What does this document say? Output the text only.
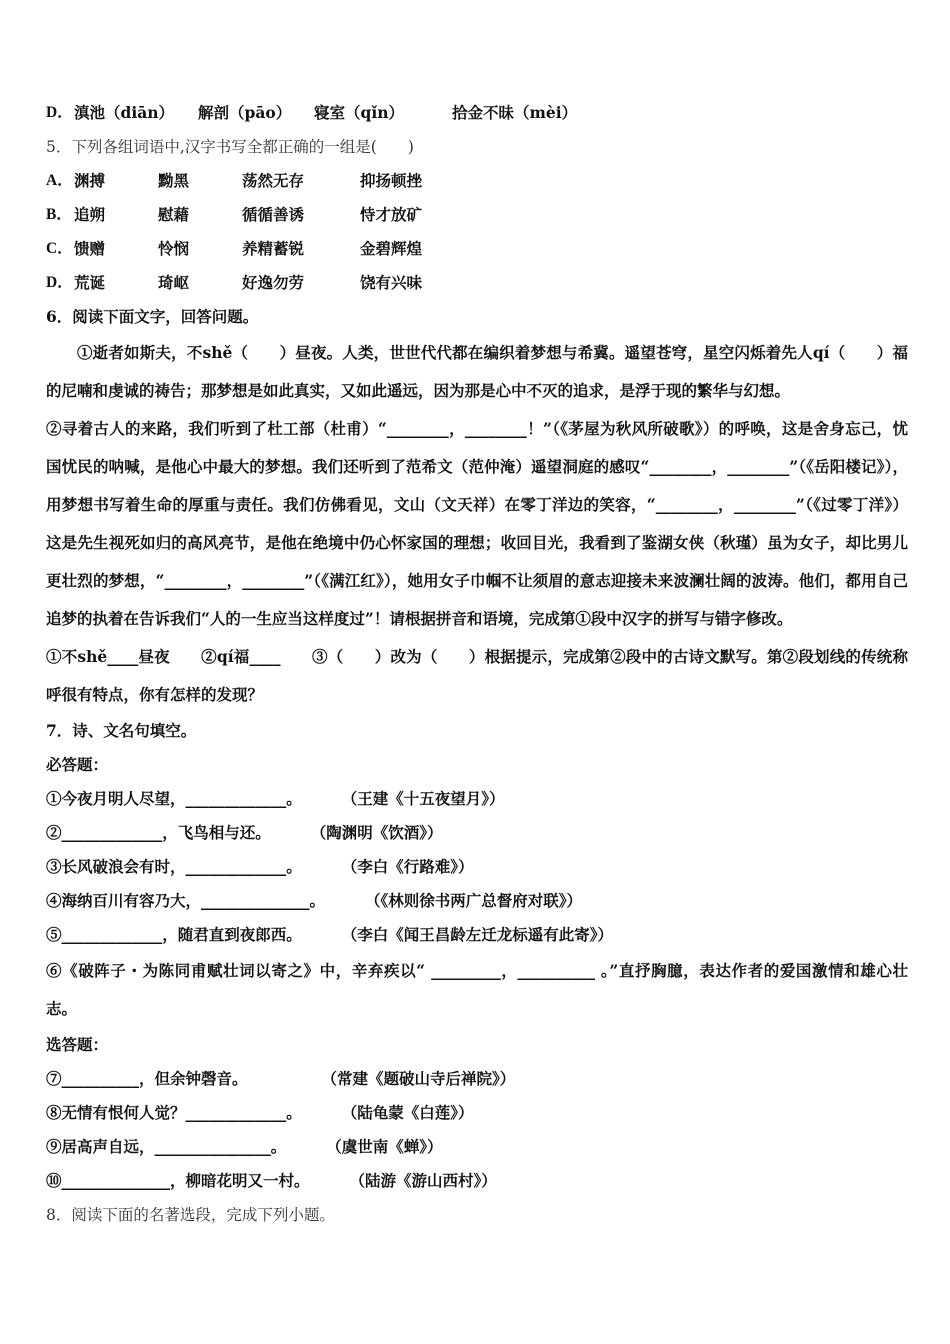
D． 滇池（diān）	解剖（pāo）	寝室（qǐn）	拾金不昧（mèi）
5．下列各组词语中,汉字书写全都正确的一组是(　　)
A． 渊搏	黝黑	荡然无存	抑扬顿挫
B． 追朔	慰藉	循循善诱	恃才放矿
C． 馈赠	怜悯	养精蓄锐	金碧辉煌
D． 荒诞	琦岖	好逸勿劳	饶有兴味
6．阅读下面文字，回答问题。
①逝者如斯夫，不shě（　　）昼夜。人类，世世代代都在编织着梦想与希冀。遥望苍穹，星空闪烁着先人qí（　　）福的尼喃和虔诚的祷告；那梦想是如此真实，又如此遥远，因为那是心中不灭的追求，是浮于现的繁华与幻想。
②寻着古人的来路，我们听到了杜工部（杜甫）“________，________！”（《茅屋为秋风所破歌》）的呼唤，这是舍身忘己，忧国忧民的呐喊，是他心中最大的梦想。我们还听到了范希文（范仲淹）遥望洞庭的感叹“________，________”（《岳阳楼记》），用梦想书写着生命的厚重与责任。我们仿佛看见，文山（文天祥）在零丁洋边的笑容，“________，________”（《过零丁洋》）这是先生视死如归的高风亮节，是他在绝境中仍心怀家国的理想；收回目光，我看到了鉴湖女侠（秋瑾）虽为女子，却比男儿更壮烈的梦想，“________，________”（《满江红》），她用女子巾帼不让须眉的意志迎接未来波澜壮阔的波涛。他们，都用自己追梦的执着在告诉我们“人的一生应当这样度过”！请根据拼音和语境，完成第①段中汉字的拼写与错字修改。
①不shě____昼夜　　②qí福____　　③（　　）改为（　　）根据提示，完成第②段中的古诗文默写。第②段划线的传统称呼很有特点，你有怎样的发现？
7．诗、文名句填空。
必答题：
①今夜月明人尽望，_____________。	（王建《十五夜望月》）
②_____________，飞鸟相与还。	（陶渊明《饮酒》）
③长风破浪会有时，_____________。	（李白《行路难》）
④海纳百川有容乃大，______________。	（《林则徐书两广总督府对联》）
⑤_____________，随君直到夜郎西。	（李白《闻王昌龄左迁龙标遥有此寄》）
⑥《破阵子・为陈同甫赋壮词以寄之》中，辛弃疾以“ _________，__________ 。”直抒胸臆，表达作者的爱国激情和雄心壮志。
选答题：
⑦__________，但余钟磬音。	（常建《题破山寺后禅院》）
⑧无情有恨何人觉？_____________。	（陆龟蒙《白莲》）
⑨居高声自远，_______________。	（虞世南《蝉》）
⑩______________，柳暗花明又一村。	（陆游《游山西村》）
8．阅读下面的名著选段，完成下列小题。
